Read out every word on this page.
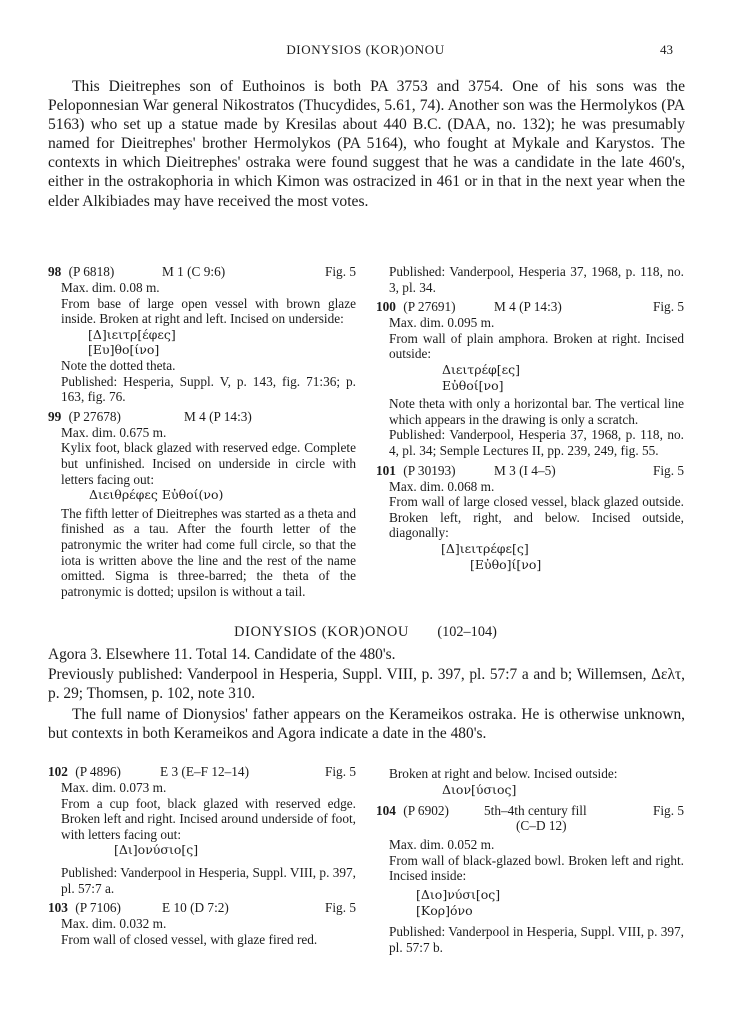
DIONYSIOS (KOR)ONOU	43

This Dieitrephes son of Euthoinos is both PA 3753 and 3754. One of his sons was the Peloponnesian War general Nikostratos (Thucydides, 5.61, 74). Another son was the Hermolykos (PA 5163) who set up a statue made by Kresilas about 440 B.C. (DAA, no. 132); he was presumably named for Dieitrephes' brother Hermolykos (PA 5164), who fought at Mykale and Karystos. The contexts in which Dieitrephes' ostraka were found suggest that he was a candidate in the late 460's, either in the ostrakophoria in which Kimon was ostracized in 461 or in that in the next year when the elder Alkibiades may have received the most votes.

98 (P 6818)	M 1 (C 9:6)	Fig. 5
Max. dim. 0.08 m.
From base of large open vessel with brown glaze inside. Broken at right and left. Incised on underside:
[Δ]ιειτρ[έφες]
[Ευ]θο[ίνο]
Note the dotted theta.
Published: Hesperia, Suppl. V, p. 143, fig. 71:36; p. 163, fig. 76.
99 (P 27678)	M 4 (P 14:3)
Max. dim. 0.675 m.
Kylix foot, black glazed with reserved edge. Complete but unfinished. Incised on underside in circle with letters facing out:
Διειθρέφες Εὐθοί(νο)
The fifth letter of Dieitrephes was started as a theta and finished as a tau. After the fourth letter of the patronymic the writer had come full circle, so that the iota is written above the line and the rest of the name omitted. Sigma is three-barred; the theta of the patronymic is dotted; upsilon is without a tail.
Published: Vanderpool, Hesperia 37, 1968, p. 118, no. 3, pl. 34.
100 (P 27691)	M 4 (P 14:3)	Fig. 5
Max. dim. 0.095 m.
From wall of plain amphora. Broken at right. Incised outside:
Διειτρέφ[ες]
Εὐθοί[νο]
Note theta with only a horizontal bar. The vertical line which appears in the drawing is only a scratch.
Published: Vanderpool, Hesperia 37, 1968, p. 118, no. 4, pl. 34; Semple Lectures II, pp. 239, 249, fig. 55.
101 (P 30193)	M 3 (I 4–5)	Fig. 5
Max. dim. 0.068 m.
From wall of large closed vessel, black glazed outside. Broken left, right, and below. Incised outside, diagonally:
[Δ]ιειτρέφε[ς]
[Εὐθο]ί[νο]
DIONYSIOS (KOR)ONOU (102–104)

Agora 3. Elsewhere 11. Total 14. Candidate of the 480's.

Previously published: Vanderpool in Hesperia, Suppl. VIII, p. 397, pl. 57:7 a and b; Willemsen, Δελτ, p. 29; Thomsen, p. 102, note 310.

The full name of Dionysios' father appears on the Kerameikos ostraka. He is otherwise unknown, but contexts in both Kerameikos and Agora indicate a date in the 480's.

102 (P 4896)	E 3 (E–F 12–14)	Fig. 5
Max. dim. 0.073 m.
From a cup foot, black glazed with reserved edge. Broken left and right. Incised around underside of foot, with letters facing out:
[Δι]ονύσιο[ς]
Published: Vanderpool in Hesperia, Suppl. VIII, p. 397, pl. 57:7 a.
103 (P 7106)	E 10 (D 7:2)	Fig. 5
Max. dim. 0.032 m.
From wall of closed vessel, with glaze fired red.
Broken at right and below. Incised outside:
Διον[ύσιος]
104 (P 6902)	5th–4th century fill
(C–D 12)
Fig. 5
Max. dim. 0.052 m.
From wall of black-glazed bowl. Broken left and right. Incised inside:
[Διο]νύσι[ος]
[Κορ]όνο
Published: Vanderpool in Hesperia, Suppl. VIII, p. 397, pl. 57:7 b.
